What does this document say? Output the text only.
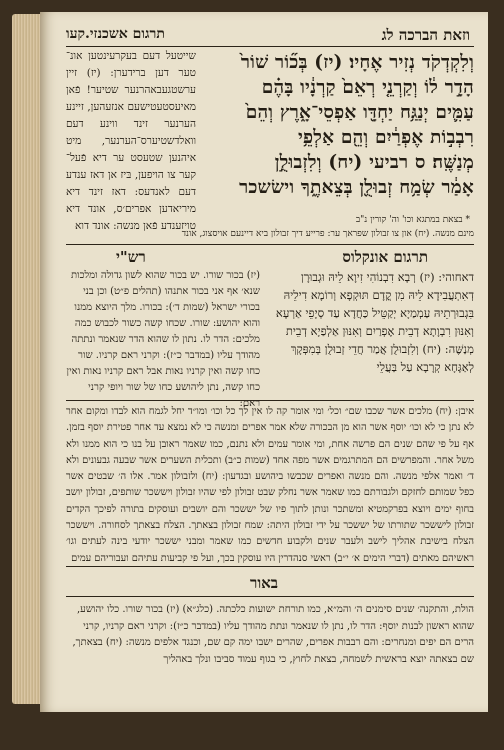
וזאת הברכה לג
תרגום אשכנזי.קעו
שייטעל דעם בעקרעינטען אונ־ טער דען ברידערן: (יז) זיין ערשטגעבאהרנער שטיער! פֿאן מאיעסטעטישעם אנזעהען, זיינע הערנער זינד ווינע דעם וואלדשטיערס־הערנער, מיט איהנען שטעסט ער דיא פֿעל־ קער צו הויפען, בּיז אן דאז ענדע דעם לאנדעס: דאז זינד דיא מיריאדען אפרים׳ס, אונד דיא טויזענדע פֿאן מנשה: אונד דוא
וְלִקְדְקֹד נְזִיר אֶחָיו׃ (יז) בְּכ֞וֹר שׁוֹר֙
הָדָ֣ר ל֔וֹ וְקַרְנֵ֤י רְאֵם֙ קַרְנָ֔יו בָּהֶ֗ם
עַמִּ֛ים יְנַגַּ֥ח יַחְדָּ֖ו אַפְסֵי־אָ֑רֶץ וְהֵם֙
רִבְב֣וֹת אֶפְרַ֔יִם וְהֵ֖ם אַלְפֵ֥י
מְנַשֶּֽׁה׃ ס רביעי (יח) וְלִזְבוּלֻ֣ן
אָמַ֔ר שְׂמַ֥ח זְבוּלֻ֖ן בְּצֵאתֶ֑ךָ וישׂשכר
* בצאת במתגא וכו' וה' קורין נ"ב
מינם מנשה. (יח) און צו זבולון שפראך ער: פרייע דיך זבולון ביא דיינעם אויסצוג, אונד
תרגום אונקלוס
רש"י
דאחוהי: (יז) רְבָא דִבְנוֹהִי זִיוָא לֵיהּ וּגְבוּרָן דְאִתְעֲבִידָא לֵיהּ מִן קֳדָם תּוּקְפָא וְרוֹמָא דִילֵיהּ בִּגְבוּרְתֵיהּ עַמְמַיָא יְקַטֵּיל כַּחֲדָא עַד סְיָפֵי אַרְעָא וְאִנּוּן רִבְוָתָא דְבֵית אֶפְרַיִם וְאִנּוּן אַלְפַיָא דְבֵית מְנַשֶּׁה: (יח) וְלִזְבוּלֻן אֲמַר חֲדֵי זְבוּלֻן בְּמִפְּקָךְ לְאַגָּחָא קְרָבָא עַל בַּעֲלֵי
(יז) בכור שורו. יש בכור שהוא לשון גדולה ומלכות שנא׳ אף אני בכור אתנהו (תהלים פ״ט) וכן בני בכורי ישראל (שמות ד׳): בכורו. מלך היוצא ממנו והוא יהושע: שורו. שכחו קשה כשור לכבוש כמה מלכים: הדר לו. נתון לו שהוא הדר שנאמר ונתתה מהודך עליו (במדבר כ״ז): וקרני ראם קרניו. שור כחו קשה ואין קרניו נאות אבל ראם קרניו נאות ואין כחו קשה, נתן ליהושע כחו של שור ויופי קרני ראם:
איבן: (יח) מלכים אשר שכבו שם״ וכל׳ ומי אומר קה לו אין לך כל וכו׳ ומו״ד יחל לגמח הוא לבדו ומקום אחר לא נתן כי לא וכו׳ יוסף אשר הוא מן הבכורה שלא אמר אפרים ומנשה כי לא נמצא עד אחר פטירת יוסף בזמן. אף על פי שהם שנים הם פרשה אחת, ומי אומר עמים ולא נתנם, כמו שאמר ראובן על בנו כי הוא ממנו ולא משל אחר. והמפרשים הם המתרגמים אשר מפה אחד (שמות כ״ב) ותכלית השערים אשר שבעה גבעונים ולא ד׳ ואמר אלפי מנשה. והם מנשה ואפרים שכבשו ביהושע ובגדעון: (יח) ולזבולון אמר. אלו ה׳ שבטים אשר כפל שמותם לחזקם ולגבורתם כמו שאמר אשר נחלק שבט זבולון לפי שהיו זבולון ויששכר שותפים, זבולון יושב בחוף ימים ויוצא בפרקמטיא ומשתכר ונותן לתוך פיו של יששכר והם יושבים ועוסקים בתורה לפיכך הקדים זבולון ליששכר שתורתו של יששכר על ידי זבולון היתה: שמח זבולון בצאתך. הצלח בצאתך לסחורה. ויששכר הצלח בישיבת אהליך לישב ולעבר שנים ולקבוע חדשים כמו שאמר ומבני יששכר יודעי בינה לעתים וגו׳ ראשיהם מאתים (דברי הימים א׳ י״ב) ראשי סנהדרין היו עוסקין בכך, ועל פי קביעות עתיהם ועבוריהם עמים
באור
הולת, והתקנה׳ שנים סימנים ה׳ והמ״א, כמו תורחת ישועות כלכתה. (כלג״א) (יז) בכור שורו. כלו יהושע, שהוא ראשון לבנות יוסף: הדר לו, נתן לו שנאמר ונתת מהודך עליו (במדבר כ״ז): וקרני ראם קרניו, קרני הרים הם יפים ומנחרים: והם רבבות אפרים, שהרים ישבו ימה קם שם, וכנגד אלפים מנשה: (יח) בצאתך, שם בצאתה יוצא בראשית לשמחה, בצאת לחוץ, כי בגוף עמוד סביבו ונלך באהליך
